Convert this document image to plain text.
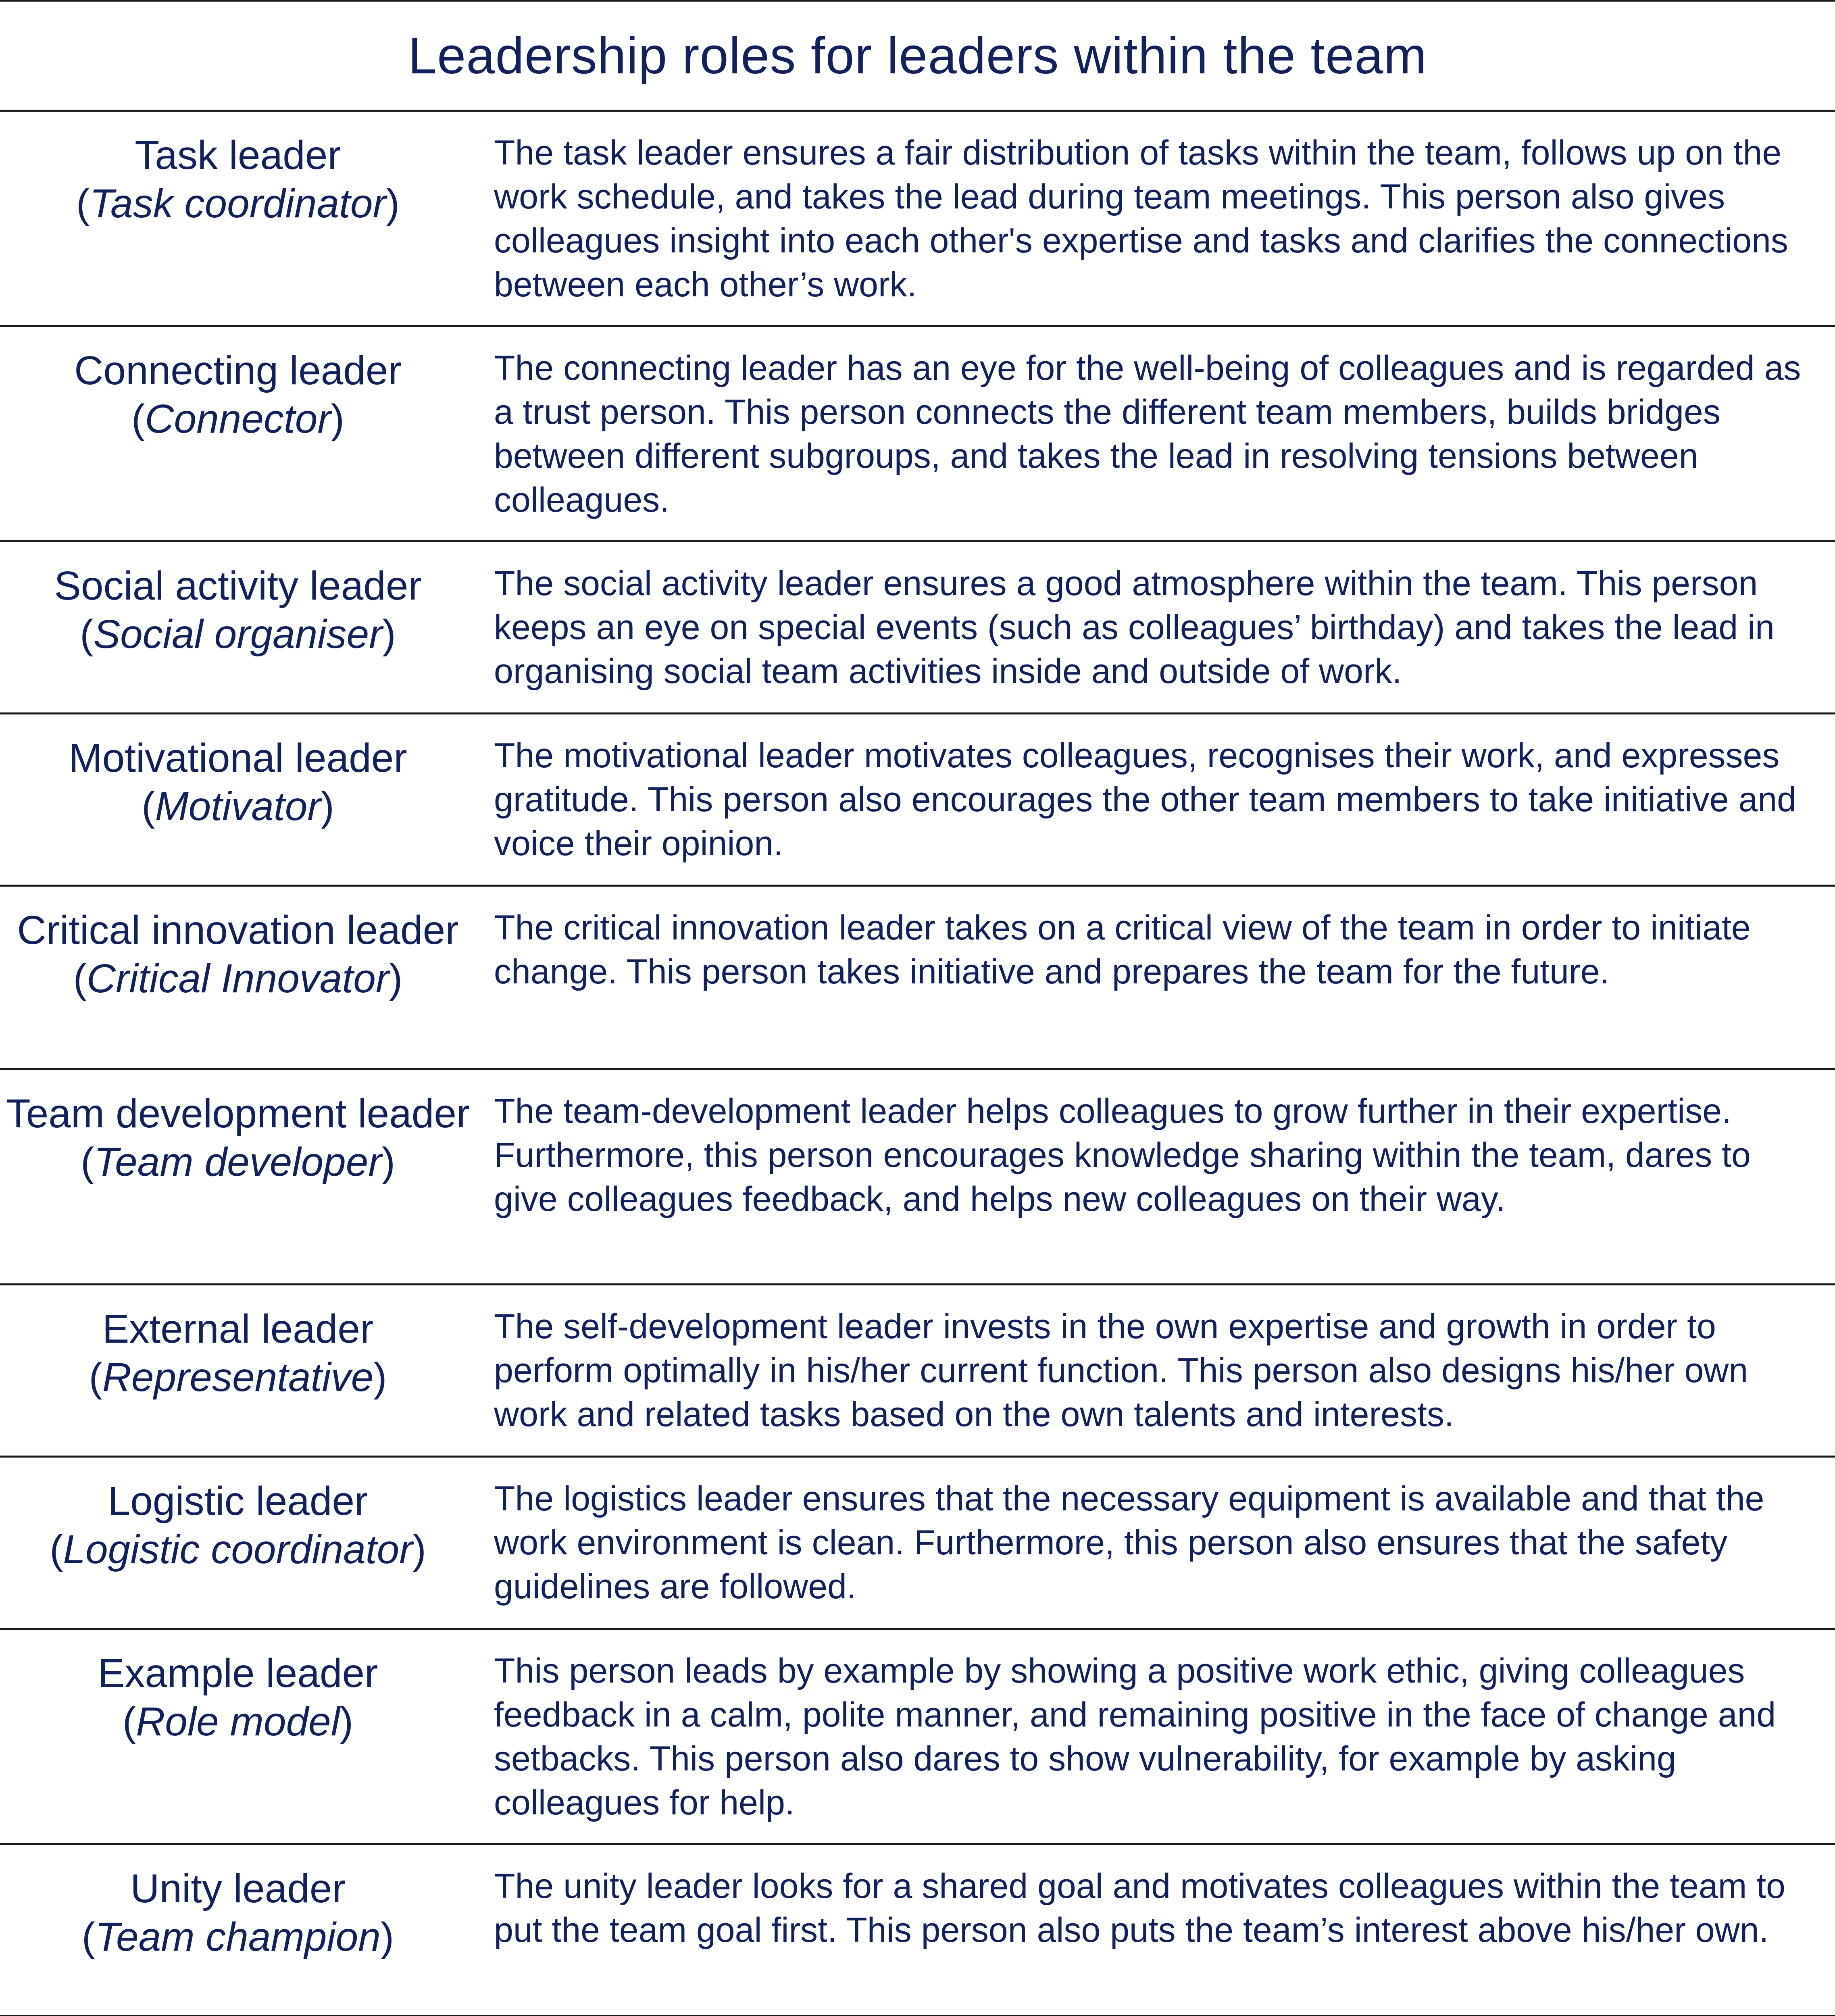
Leadership roles for leaders within the team
Task leader
(Task coordinator)
The task leader ensures a fair distribution of tasks within the team, follows up on the work schedule, and takes the lead during team meetings. This person also gives colleagues insight into each other's expertise and tasks and clarifies the connections between each other’s work.
Connecting leader
(Connector)
The connecting leader has an eye for the well-being of colleagues and is regarded as a trust person. This person connects the different team members, builds bridges between different subgroups, and takes the lead in resolving tensions between colleagues.
Social activity leader
(Social organiser)
The social activity leader ensures a good atmosphere within the team. This person keeps an eye on special events (such as colleagues’ birthday) and takes the lead in organising social team activities inside and outside of work.
Motivational leader
(Motivator)
The motivational leader motivates colleagues, recognises their work, and expresses gratitude. This person also encourages the other team members to take initiative and voice their opinion.
Critical innovation leader
(Critical Innovator)
The critical innovation leader takes on a critical view of the team in order to initiate change. This person takes initiative and prepares the team for the future.
Team development leader
(Team developer)
The team-development leader helps colleagues to grow further in their expertise. Furthermore, this person encourages knowledge sharing within the team, dares to give colleagues feedback, and helps new colleagues on their way.
External leader
(Representative)
The self-development leader invests in the own expertise and growth in order to perform optimally in his/her current function. This person also designs his/her own work and related tasks based on the own talents and interests.
Logistic leader
(Logistic coordinator)
The logistics leader ensures that the necessary equipment is available and that the work environment is clean. Furthermore, this person also ensures that the safety guidelines are followed.
Example leader
(Role model)
This person leads by example by showing a positive work ethic, giving colleagues feedback in a calm, polite manner, and remaining positive in the face of change and setbacks. This person also dares to show vulnerability, for example by asking colleagues for help.
Unity leader
(Team champion)
The unity leader looks for a shared goal and motivates colleagues within the team to put the team goal first. This person also puts the team’s interest above his/her own.
